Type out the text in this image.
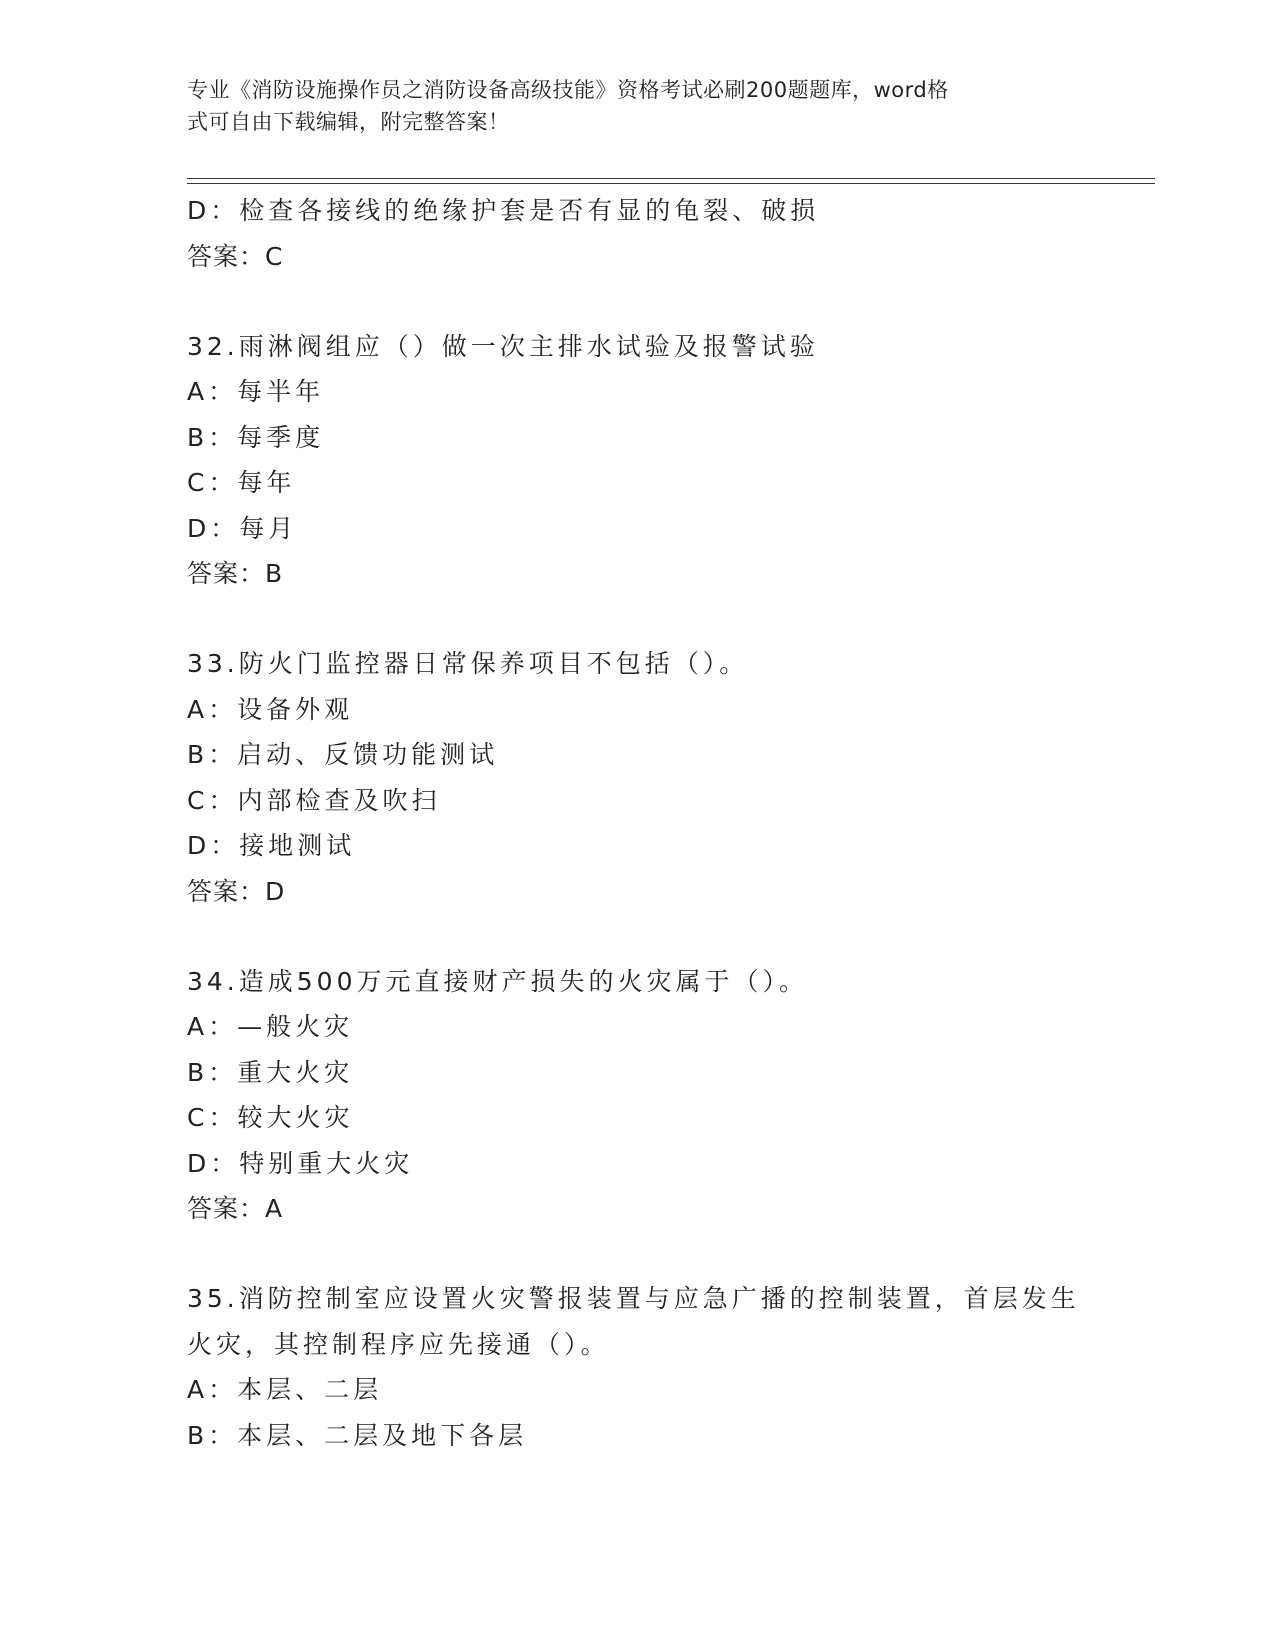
专业《消防设施操作员之消防设备高级技能》资格考试必刷200题题库，word格
式可自由下载编辑，附完整答案！
D：检查各接线的绝缘护套是否有显的龟裂、破损
答案：C
32.雨淋阀组应（）做一次主排水试验及报警试验
A：每半年
B：每季度
C：每年
D：每月
答案：B
33.防火门监控器日常保养项目不包括（）。
A：设备外观
B：启动、反馈功能测试
C：内部检查及吹扫
D：接地测试
答案：D
34.造成500万元直接财产损失的火灾属于（）。
A：—般火灾
B：重大火灾
C：较大火灾
D：特别重大火灾
答案：A
35.消防控制室应设置火灾警报装置与应急广播的控制装置，首层发生
火灾，其控制程序应先接通（）。
A：本层、二层
B：本层、二层及地下各层
